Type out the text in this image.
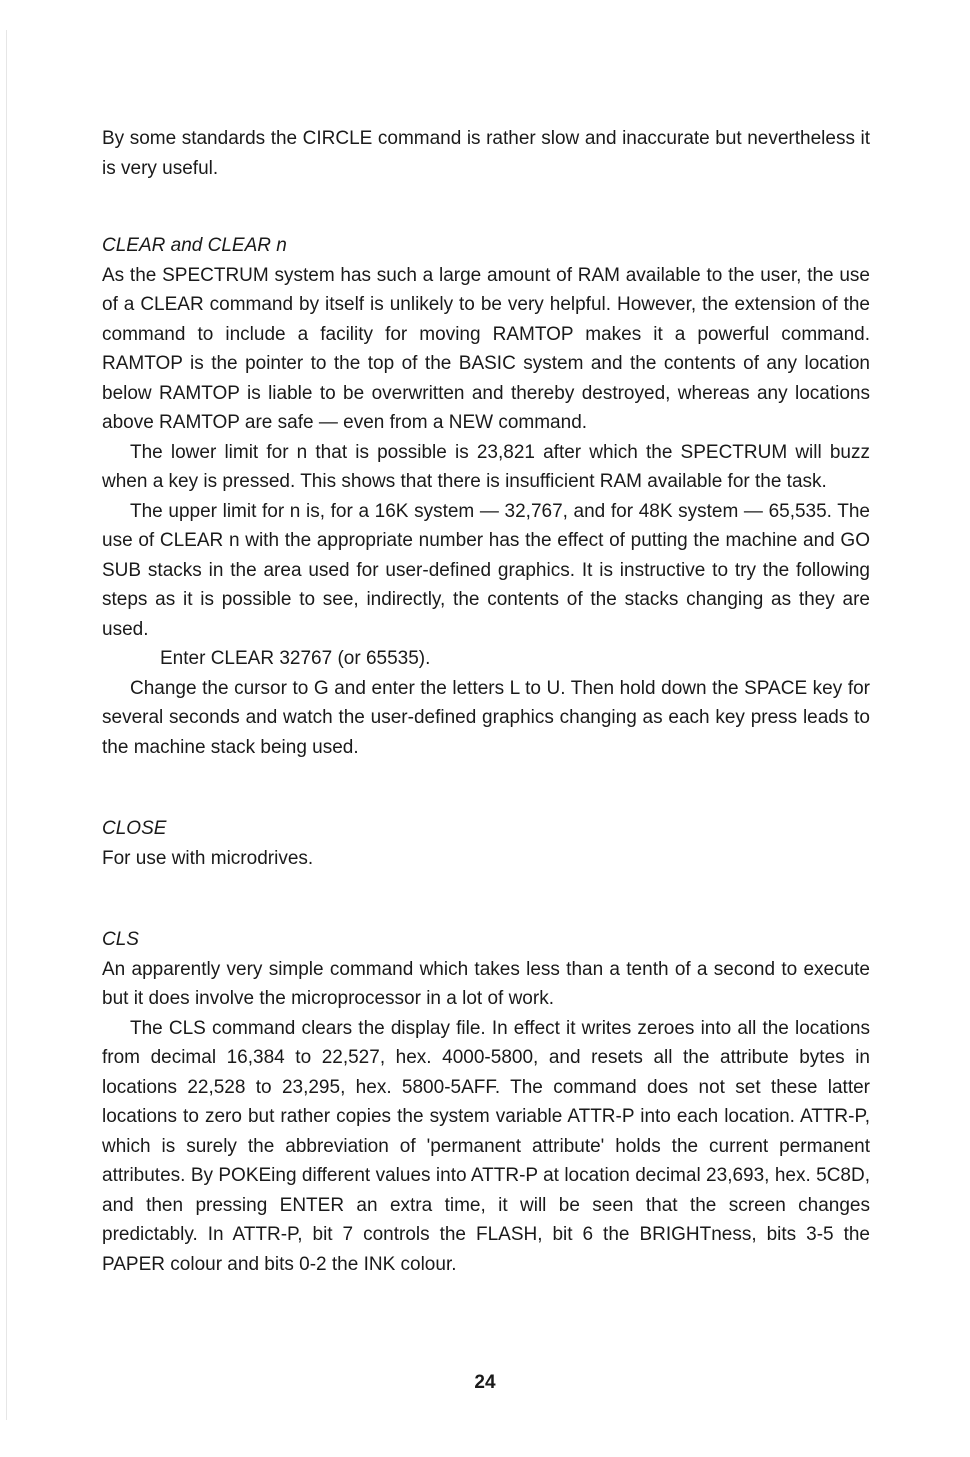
By some standards the CIRCLE command is rather slow and inaccurate but nevertheless it is very useful.

CLEAR and CLEAR n

As the SPECTRUM system has such a large amount of RAM available to the user, the use of a CLEAR command by itself is unlikely to be very helpful. However, the extension of the command to include a facility for moving RAMTOP makes it a powerful command. RAMTOP is the pointer to the top of the BASIC system and the contents of any location below RAMTOP is liable to be overwritten and thereby destroyed, whereas any locations above RAMTOP are safe — even from a NEW command.

The lower limit for n that is possible is 23,821 after which the SPECTRUM will buzz when a key is pressed. This shows that there is insufficient RAM available for the task.

The upper limit for n is, for a 16K system — 32,767, and for 48K system — 65,535. The use of CLEAR n with the appropriate number has the effect of putting the machine and GO SUB stacks in the area used for user-defined graphics. It is instructive to try the following steps as it is possible to see, indirectly, the contents of the stacks changing as they are used.

Enter CLEAR 32767 (or 65535).

Change the cursor to G and enter the letters L to U. Then hold down the SPACE key for several seconds and watch the user-defined graphics changing as each key press leads to the machine stack being used.

CLOSE

For use with microdrives.

CLS

An apparently very simple command which takes less than a tenth of a second to execute but it does involve the microprocessor in a lot of work.

The CLS command clears the display file. In effect it writes zeroes into all the locations from decimal 16,384 to 22,527, hex. 4000-5800, and resets all the attribute bytes in locations 22,528 to 23,295, hex. 5800-5AFF. The command does not set these latter locations to zero but rather copies the system variable ATTR-P into each location. ATTR-P, which is surely the abbreviation of 'permanent attribute' holds the current permanent attributes. By POKEing different values into ATTR-P at location decimal 23,693, hex. 5C8D, and then pressing ENTER an extra time, it will be seen that the screen changes predictably. In ATTR-P, bit 7 controls the FLASH, bit 6 the BRIGHTness, bits 3-5 the PAPER colour and bits 0-2 the INK colour.

24
